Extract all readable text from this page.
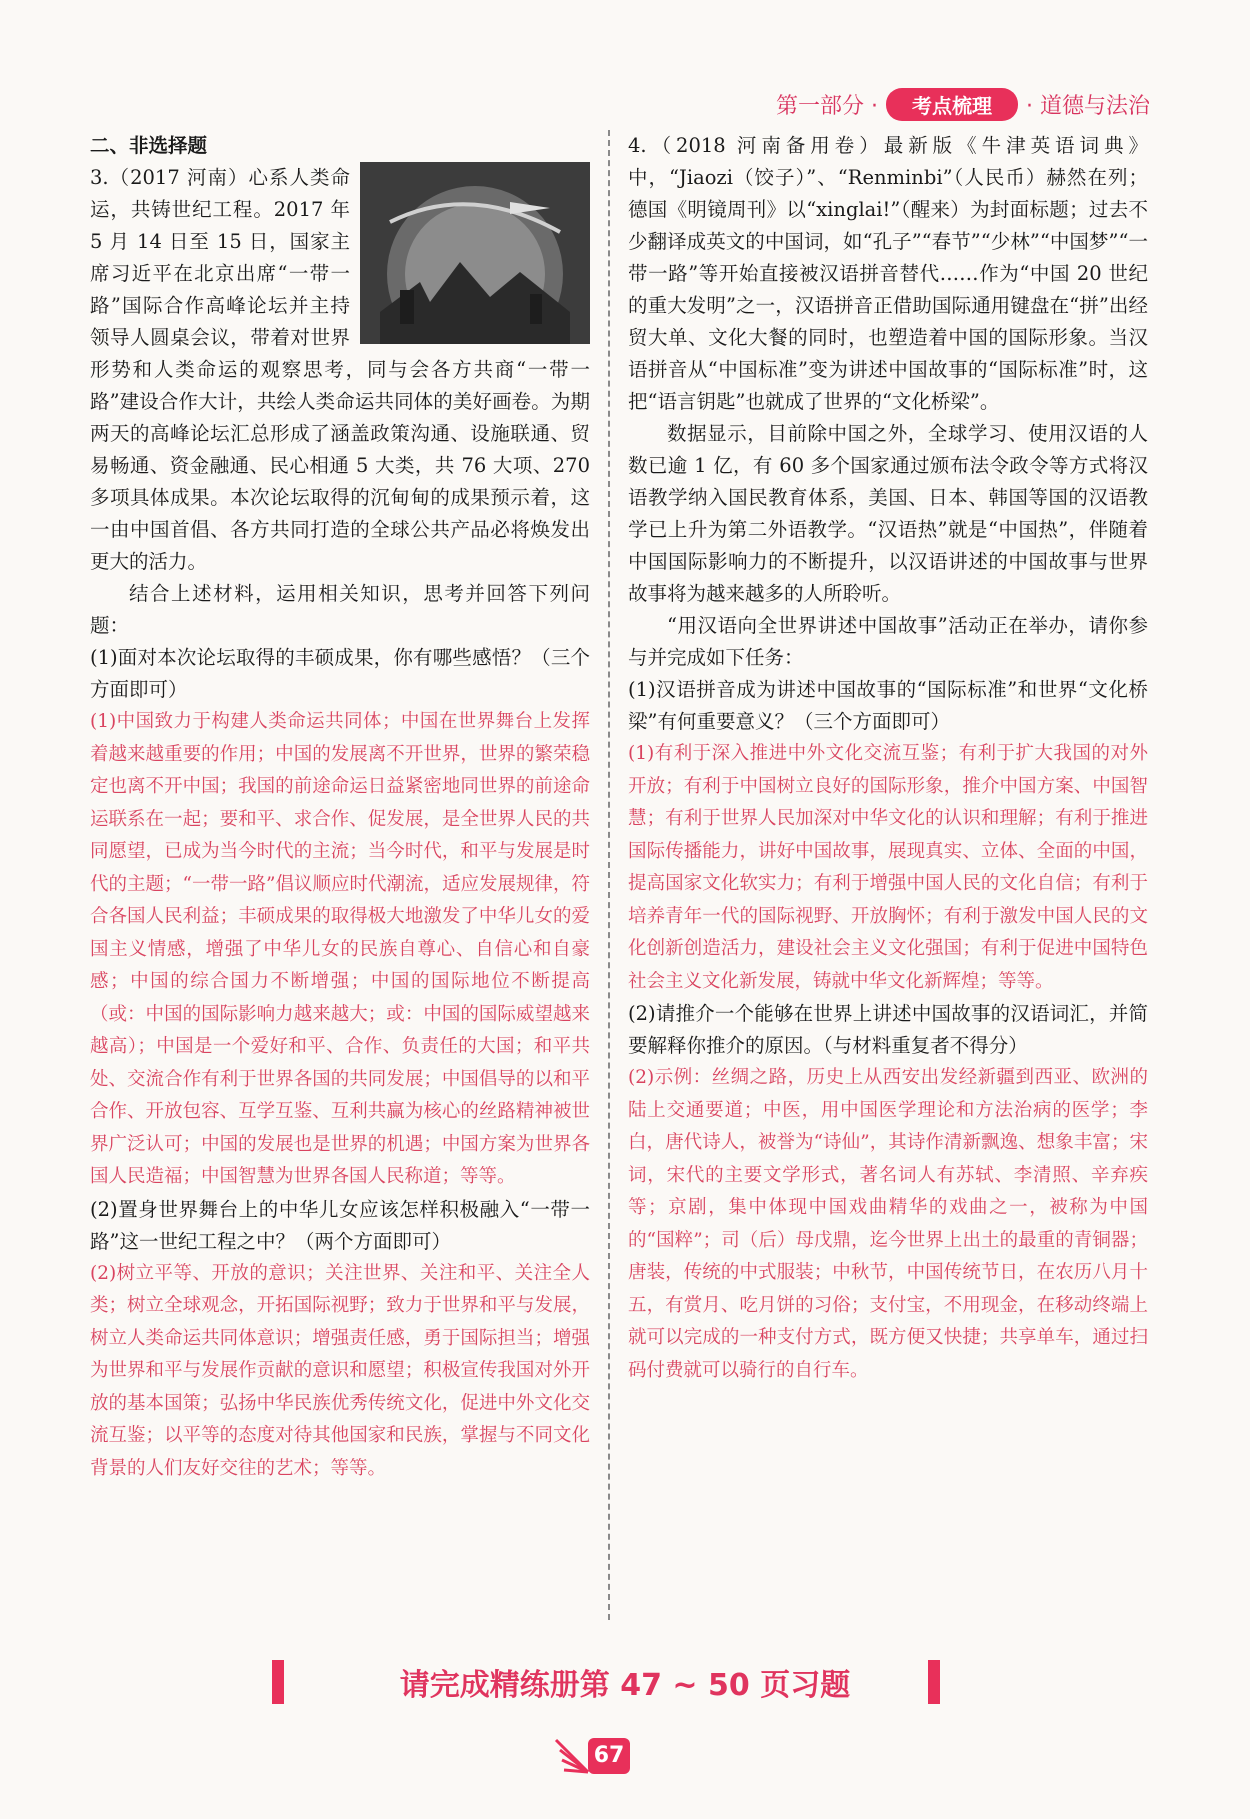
第一部分 ·	考点梳理	· 道德与法治

二、非选择题

3.（2017 河南）心系人类命运，共铸世纪工程。2017 年 5 月 14 日至 15 日，国家主席习近平在北京出席“一带一路”国际合作高峰论坛并主持领导人圆桌会议，带着对世界形势和人类命运的观察思考，同与会各方共商“一带一路”建设合作大计，共绘人类命运共同体的美好画卷。为期两天的高峰论坛汇总形成了涵盖政策沟通、设施联通、贸易畅通、资金融通、民心相通 5 大类，共 76 大项、270 多项具体成果。本次论坛取得的沉甸甸的成果预示着，这一由中国首倡、各方共同打造的全球公共产品必将焕发出更大的活力。

结合上述材料，运用相关知识，思考并回答下列问题：

(1)面对本次论坛取得的丰硕成果，你有哪些感悟？（三个方面即可）

(1)中国致力于构建人类命运共同体；中国在世界舞台上发挥着越来越重要的作用；中国的发展离不开世界，世界的繁荣稳定也离不开中国；我国的前途命运日益紧密地同世界的前途命运联系在一起；要和平、求合作、促发展，是全世界人民的共同愿望，已成为当今时代的主流；当今时代，和平与发展是时代的主题；“一带一路”倡议顺应时代潮流，适应发展规律，符合各国人民利益；丰硕成果的取得极大地激发了中华儿女的爱国主义情感，增强了中华儿女的民族自尊心、自信心和自豪感；中国的综合国力不断增强；中国的国际地位不断提高（或：中国的国际影响力越来越大；或：中国的国际威望越来越高）；中国是一个爱好和平、合作、负责任的大国；和平共处、交流合作有利于世界各国的共同发展；中国倡导的以和平合作、开放包容、互学互鉴、互利共赢为核心的丝路精神被世界广泛认可；中国的发展也是世界的机遇；中国方案为世界各国人民造福；中国智慧为世界各国人民称道；等等。

(2)置身世界舞台上的中华儿女应该怎样积极融入“一带一路”这一世纪工程之中？（两个方面即可）

(2)树立平等、开放的意识；关注世界、关注和平、关注全人类；树立全球观念，开拓国际视野；致力于世界和平与发展，树立人类命运共同体意识；增强责任感，勇于国际担当；增强为世界和平与发展作贡献的意识和愿望；积极宣传我国对外开放的基本国策；弘扬中华民族优秀传统文化，促进中外文化交流互鉴；以平等的态度对待其他国家和民族，掌握与不同文化背景的人们友好交往的艺术；等等。

4.（2018 河南备用卷）最新版《牛津英语词典》中，“Jiaozi（饺子）”、“Renminbi”（人民币）赫然在列；德国《明镜周刊》以“xinglai!”（醒来）为封面标题；过去不少翻译成英文的中国词，如“孔子”“春节”“少林”“中国梦”“一带一路”等开始直接被汉语拼音替代……作为“中国 20 世纪的重大发明”之一，汉语拼音正借助国际通用键盘在“拼”出经贸大单、文化大餐的同时，也塑造着中国的国际形象。当汉语拼音从“中国标准”变为讲述中国故事的“国际标准”时，这把“语言钥匙”也就成了世界的“文化桥梁”。

数据显示，目前除中国之外，全球学习、使用汉语的人数已逾 1 亿，有 60 多个国家通过颁布法令政令等方式将汉语教学纳入国民教育体系，美国、日本、韩国等国的汉语教学已上升为第二外语教学。“汉语热”就是“中国热”，伴随着中国国际影响力的不断提升，以汉语讲述的中国故事与世界故事将为越来越多的人所聆听。

“用汉语向全世界讲述中国故事”活动正在举办，请你参与并完成如下任务：

(1)汉语拼音成为讲述中国故事的“国际标准”和世界“文化桥梁”有何重要意义？（三个方面即可）

(1)有利于深入推进中外文化交流互鉴；有利于扩大我国的对外开放；有利于中国树立良好的国际形象，推介中国方案、中国智慧；有利于世界人民加深对中华文化的认识和理解；有利于推进国际传播能力，讲好中国故事，展现真实、立体、全面的中国，提高国家文化软实力；有利于增强中国人民的文化自信；有利于培养青年一代的国际视野、开放胸怀；有利于激发中国人民的文化创新创造活力，建设社会主义文化强国；有利于促进中国特色社会主义文化新发展，铸就中华文化新辉煌；等等。

(2)请推介一个能够在世界上讲述中国故事的汉语词汇，并简要解释你推介的原因。（与材料重复者不得分）

(2)示例：丝绸之路，历史上从西安出发经新疆到西亚、欧洲的陆上交通要道；中医，用中国医学理论和方法治病的医学；李白，唐代诗人，被誉为“诗仙”，其诗作清新飘逸、想象丰富；宋词，宋代的主要文学形式，著名词人有苏轼、李清照、辛弃疾等；京剧，集中体现中国戏曲精华的戏曲之一，被称为中国的“国粹”；司（后）母戊鼎，迄今世界上出土的最重的青铜器；唐装，传统的中式服装；中秋节，中国传统节日，在农历八月十五，有赏月、吃月饼的习俗；支付宝，不用现金，在移动终端上就可以完成的一种支付方式，既方便又快捷；共享单车，通过扫码付费就可以骑行的自行车。

请完成精练册第 47 ~ 50 页习题
67
